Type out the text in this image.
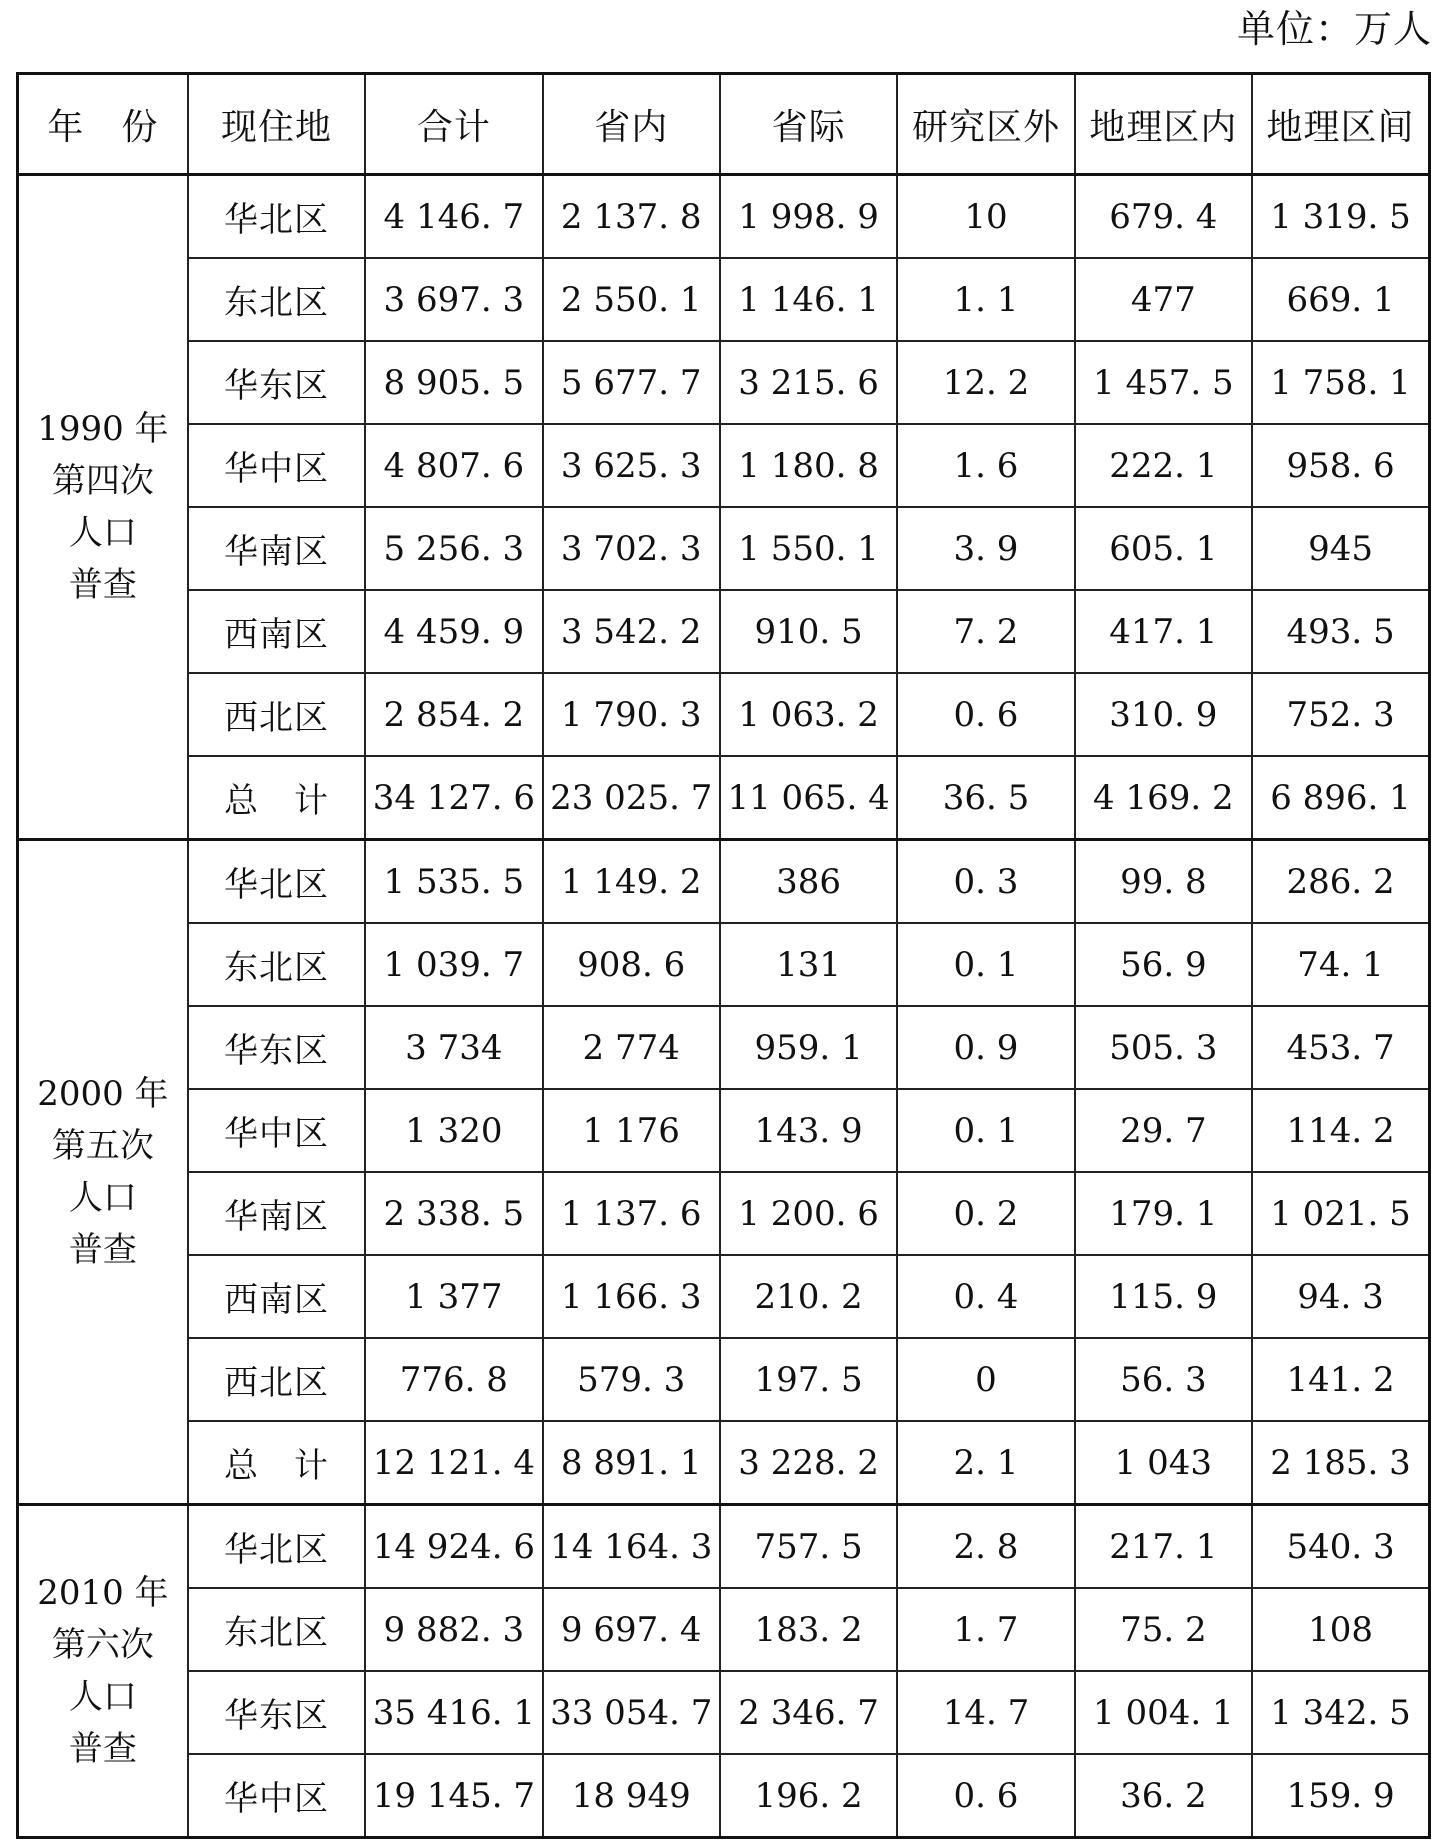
单位：万人
年　份	现住地	合计	省内	省际	研究区外	地理区内	地理区间

1990 年
第四次
人口
普查	华北区	4 146. 7	2 137. 8	1 998. 9	10	679. 4	1 319. 5
	东北区	3 697. 3	2 550. 1	1 146. 1	1. 1	477	669. 1
	华东区	8 905. 5	5 677. 7	3 215. 6	12. 2	1 457. 5	1 758. 1
	华中区	4 807. 6	3 625. 3	1 180. 8	1. 6	222. 1	958. 6
	华南区	5 256. 3	3 702. 3	1 550. 1	3. 9	605. 1	945
	西南区	4 459. 9	3 542. 2	910. 5	7. 2	417. 1	493. 5
	西北区	2 854. 2	1 790. 3	1 063. 2	0. 6	310. 9	752. 3
	总　计	34 127. 6	23 025. 7	11 065. 4	36. 5	4 169. 2	6 896. 1

2000 年
第五次
人口
普查	华北区	1 535. 5	1 149. 2	386	0. 3	99. 8	286. 2
	东北区	1 039. 7	908. 6	131	0. 1	56. 9	74. 1
	华东区	3 734	2 774	959. 1	0. 9	505. 3	453. 7
	华中区	1 320	1 176	143. 9	0. 1	29. 7	114. 2
	华南区	2 338. 5	1 137. 6	1 200. 6	0. 2	179. 1	1 021. 5
	西南区	1 377	1 166. 3	210. 2	0. 4	115. 9	94. 3
	西北区	776. 8	579. 3	197. 5	0	56. 3	141. 2
	总　计	12 121. 4	8 891. 1	3 228. 2	2. 1	1 043	2 185. 3

2010 年
第六次
人口
普查	华北区	14 924. 6	14 164. 3	757. 5	2. 8	217. 1	540. 3
	东北区	9 882. 3	9 697. 4	183. 2	1. 7	75. 2	108
	华东区	35 416. 1	33 054. 7	2 346. 7	14. 7	1 004. 1	1 342. 5
	华中区	19 145. 7	18 949	196. 2	0. 6	36. 2	159. 9
